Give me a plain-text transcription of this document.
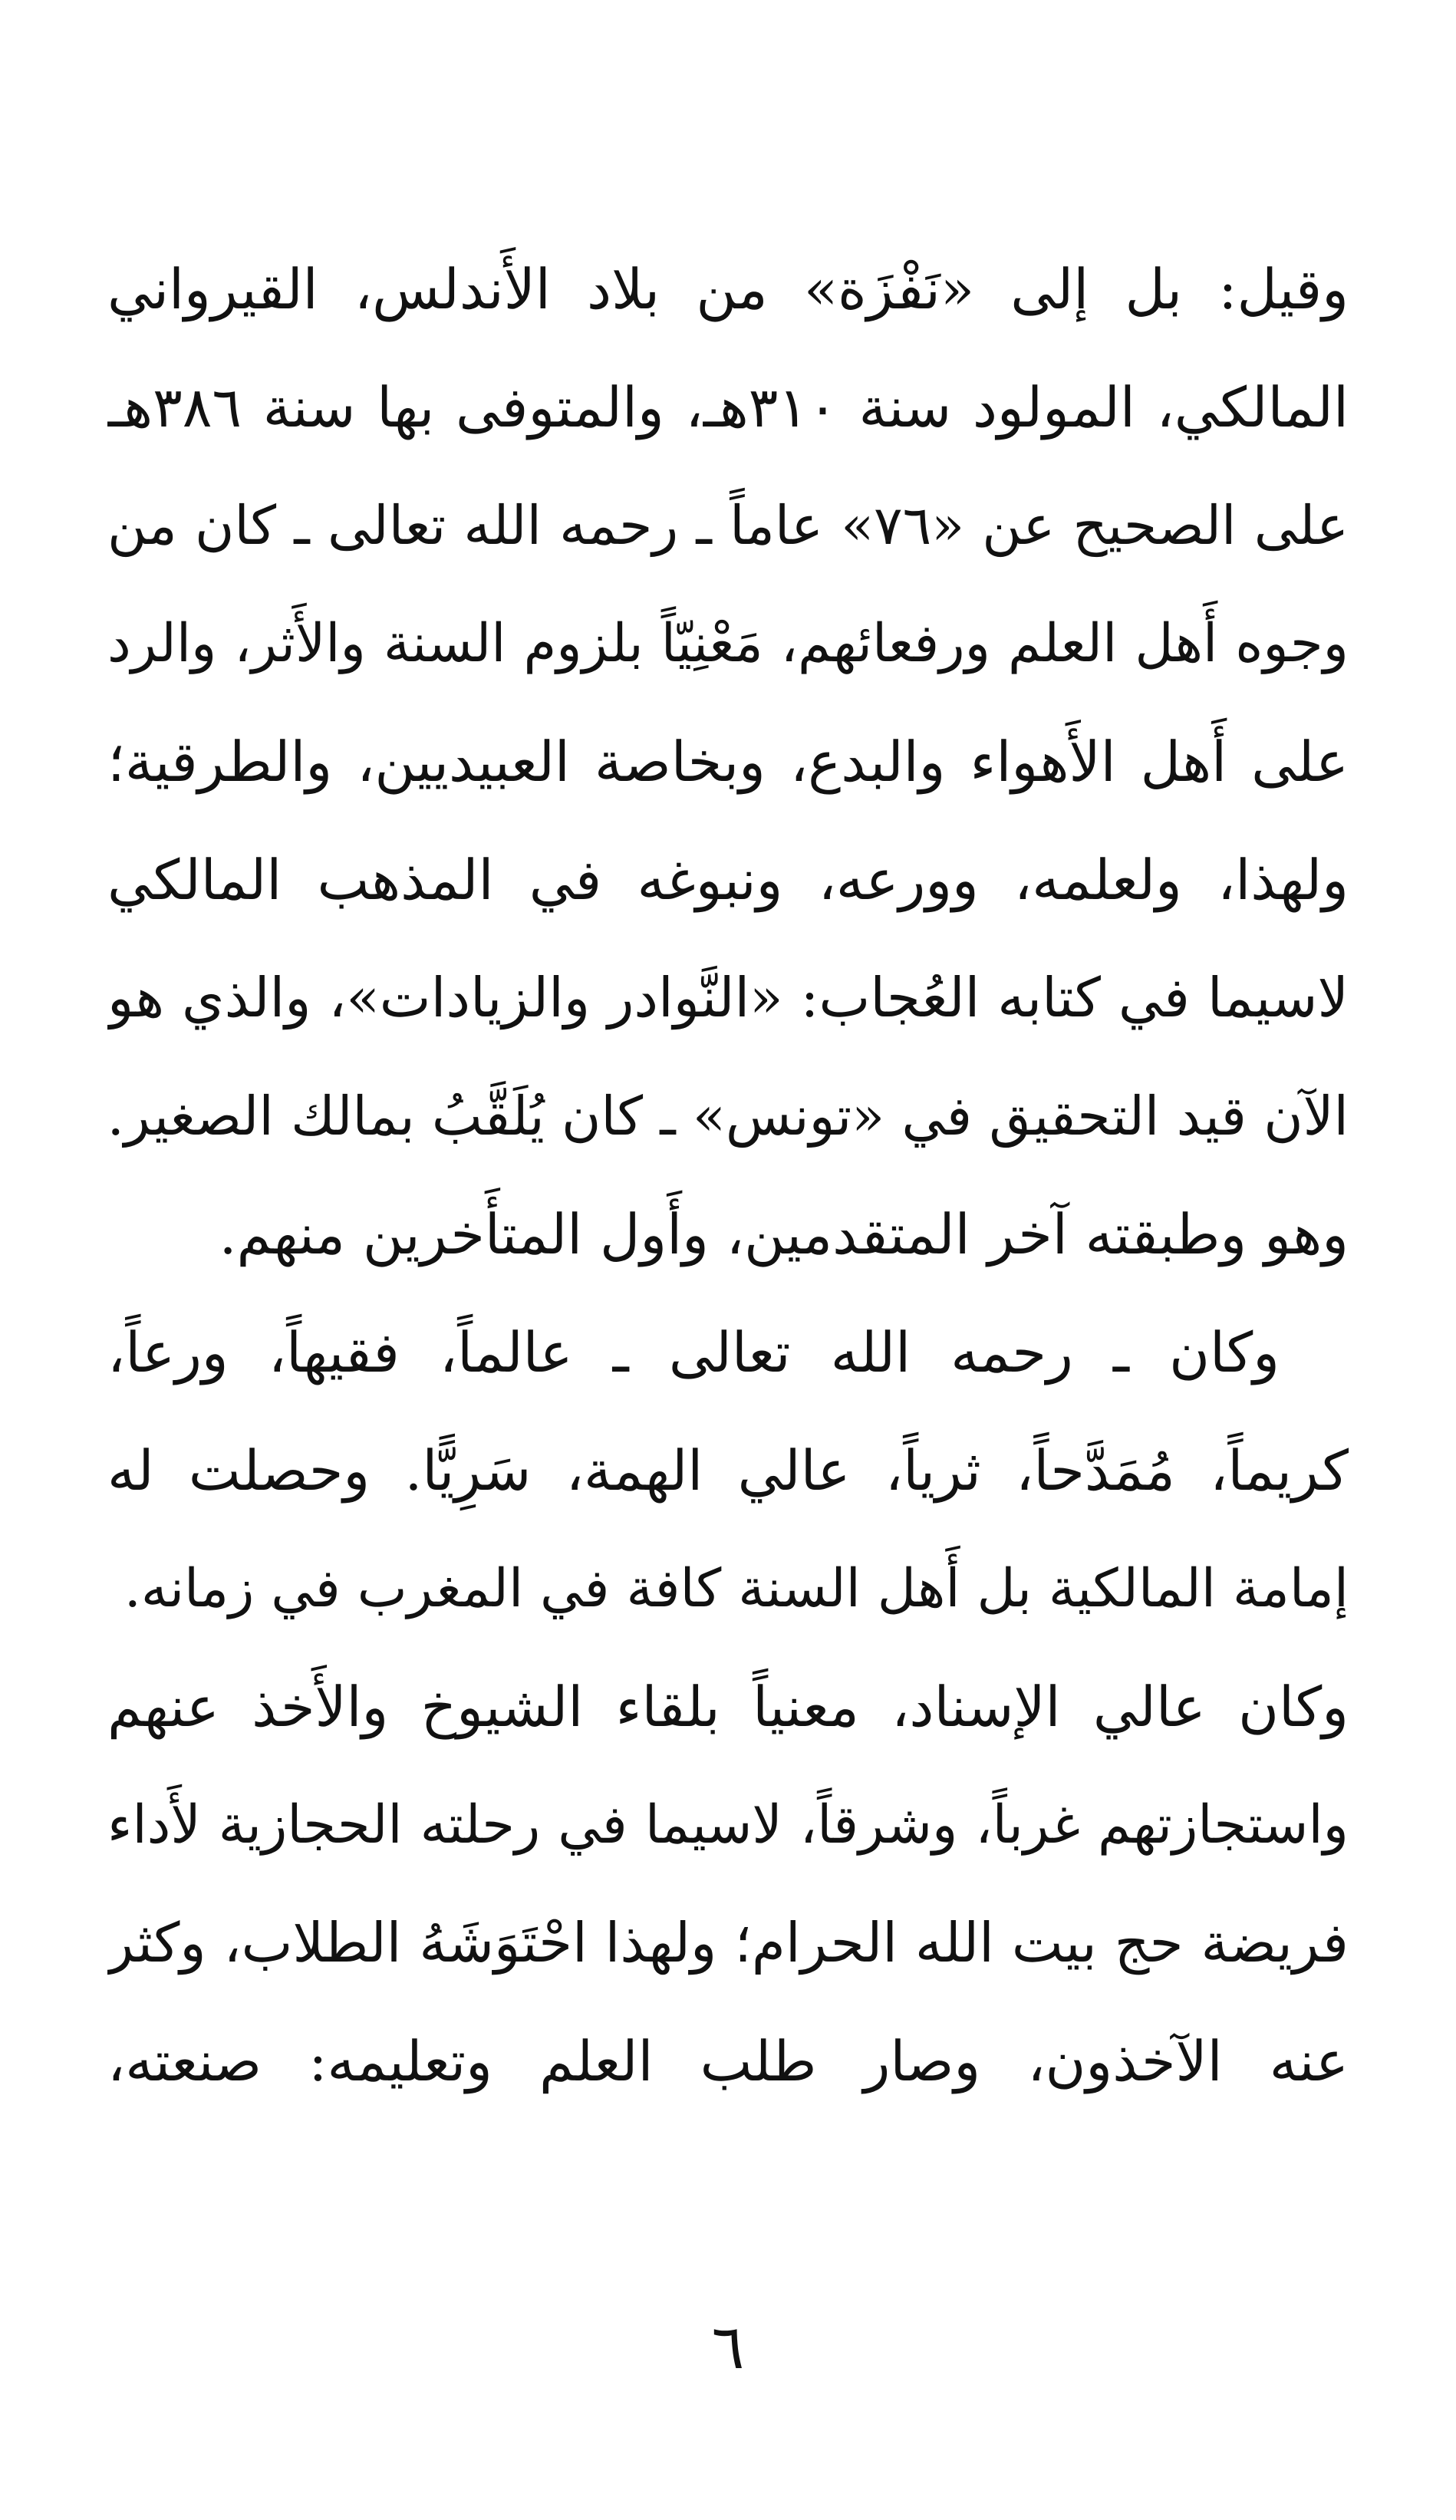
وقيل: بل إلى «نَفْزَة» من بلاد الأَندلس، القيرواني
المالكي، المولود سنة ٣١٠هـ، والمتوفى بها سنة ٣٨٦هـ
على الصحيح عن «٧٦» عاماً ـ رحمه الله تعالى ـ كان من
وجوه أَهل العلم ورفعائهم، مَعْنِيّاً بلزوم السنة والأَثر، والرد
على أَهل الأَهواء والبدع، وبخاصة العبيديين، والطرقية؛
ولهذا، ولعلمه، وورعه، ونبوغه في المذهب المالكي
لاسيما في كتابه العُجاب: «النَّوادر والزيادات»، والذي هو
الآن قيد التحقيق في «تونس» ـ كان يُلَقَّبُ بمالك الصغير.
وهو وطبقته آخر المتقدمين، وأَول المتأَخرين منهم.
وكان ـ رحمه الله تعالى ـ عالماً، فقيهاً، ورعاً،
كريماً، مُمَدَّحاً، ثرياً، عالي الهمة، سَرِيًّا. وحصلت له
إمامة المالكية بل أَهل السنة كافة في المغرب في زمانه.
وكان عالي الإسناد، معنياً بلقاء الشيوخ والأَخذ عنهم
واستجازتهم غرباً، وشرقاً، لاسيما في رحلته الحجازية لأَداء
فريضة حج بيت الله الحرام؛ ولهذا احْتَوَشَهُ الطلاب، وكثر
عنه الآخذون، وصار طلب العلم وتعليمه: صنعته،
٦
